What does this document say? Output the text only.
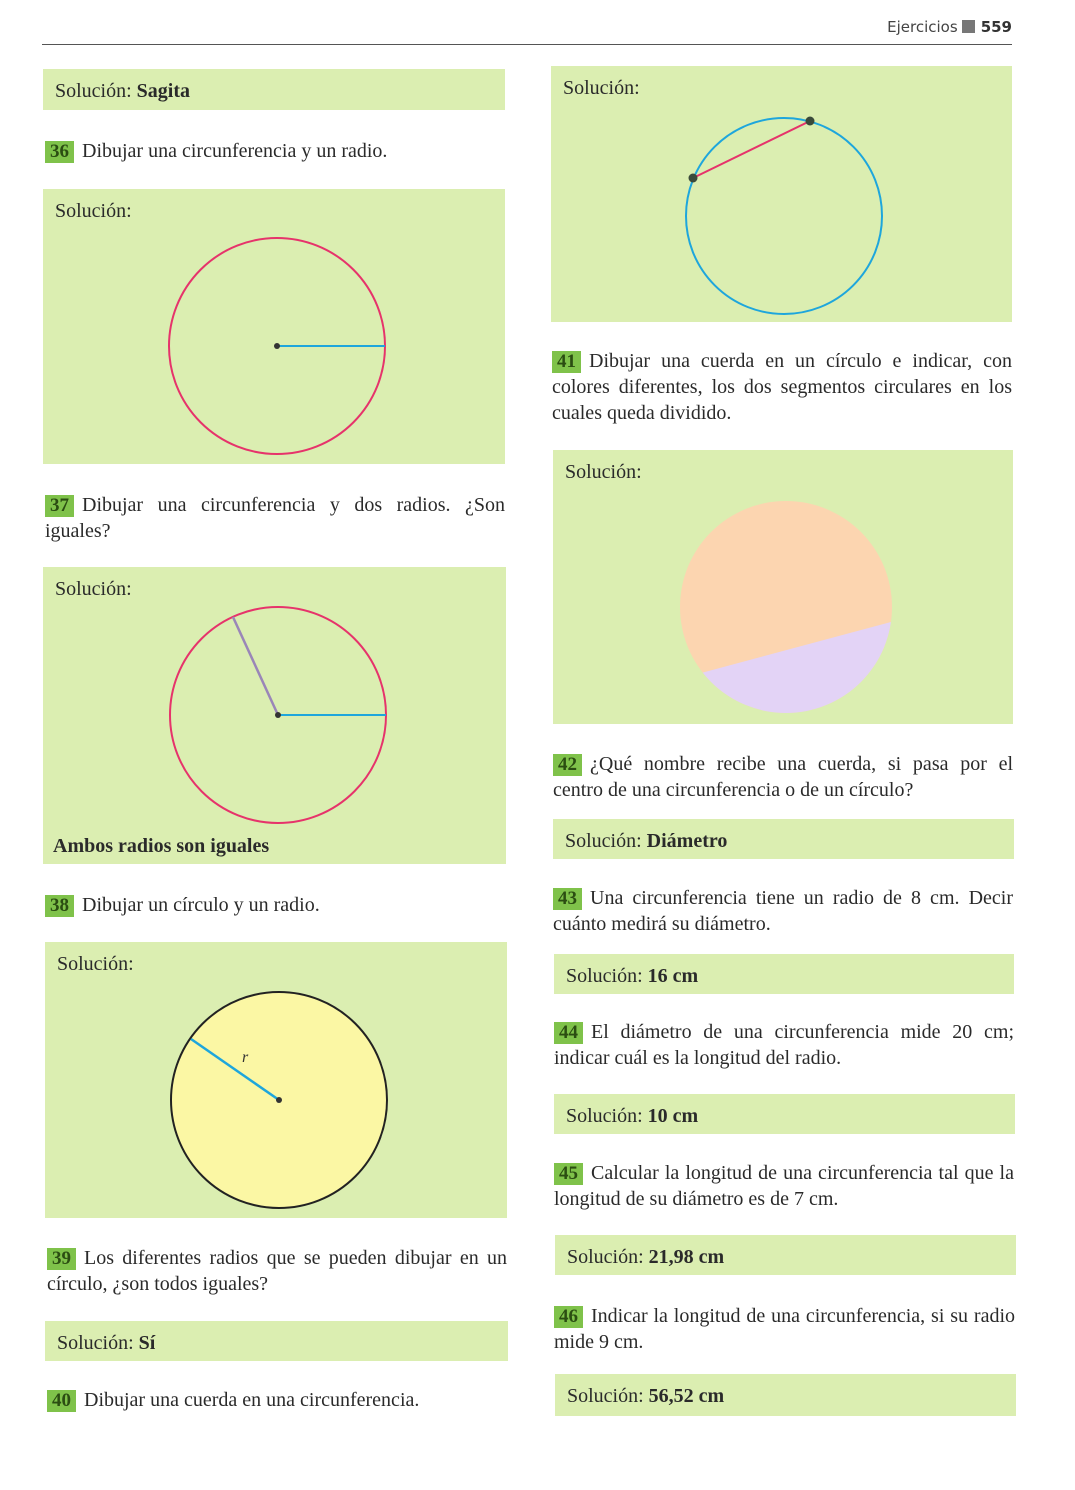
Ejercicios 559
Solución: Sagita
36 Dibujar una circunferencia y un radio.
Solución:
37 Dibujar una circunferencia y dos radios. ¿Son iguales?
Solución:
Ambos radios son iguales
38 Dibujar un círculo y un radio.
Solución:
r
39 Los diferentes radios que se pueden dibujar en un círculo, ¿son todos iguales?
Solución: Sí
40 Dibujar una cuerda en una circunferencia.
Solución:
41 Dibujar una cuerda en un círculo e indicar, con colores diferentes, los dos segmentos circulares en los cuales queda dividido.
Solución:
42 ¿Qué nombre recibe una cuerda, si pasa por el centro de una circunferencia o de un círculo?
Solución: Diámetro
43 Una circunferencia tiene un radio de 8 cm. Decir cuánto medirá su diámetro.
Solución: 16 cm
44 El diámetro de una circunferencia mide 20 cm; indicar cuál es la longitud del radio.
Solución: 10 cm
45 Calcular la longitud de una circunferencia tal que la longitud de su diámetro es de 7 cm.
Solución: 21,98 cm
46 Indicar la longitud de una circunferencia, si su radio mide 9 cm.
Solución: 56,52 cm
